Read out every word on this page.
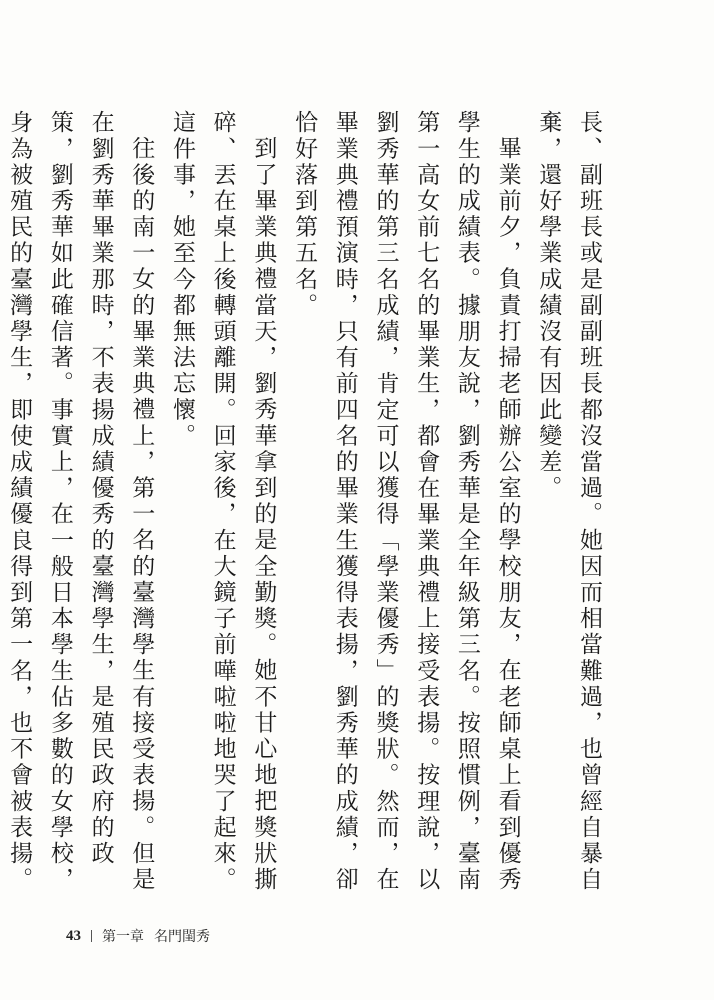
長、副班長或是副副班長都沒當過。她因而相當難過，也曾經自暴自棄，還好學業成績沒有因此變差。

畢業前夕，負責打掃老師辦公室的學校朋友，在老師桌上看到優秀學生的成績表。據朋友說，劉秀華是全年級第三名。按照慣例，臺南第一高女前七名的畢業生，都會在畢業典禮上接受表揚。按理說，以劉秀華的第三名成績，肯定可以獲得「學業優秀」的獎狀。然而，在畢業典禮預演時，只有前四名的畢業生獲得表揚，劉秀華的成績，卻恰好落到第五名。

到了畢業典禮當天，劉秀華拿到的是全勤獎。她不甘心地把獎狀撕碎、丟在桌上後轉頭離開。回家後，在大鏡子前嘩啦啦地哭了起來。這件事，她至今都無法忘懷。

往後的南一女的畢業典禮上，第一名的臺灣學生有接受表揚。但是在劉秀華畢業那時，不表揚成績優秀的臺灣學生，是殖民政府的政策，劉秀華如此確信著。事實上，在一般日本學生佔多數的女學校，身為被殖民的臺灣學生，即使成績優良得到第一名，也不會被表揚。

43 第一章 名門閨秀
